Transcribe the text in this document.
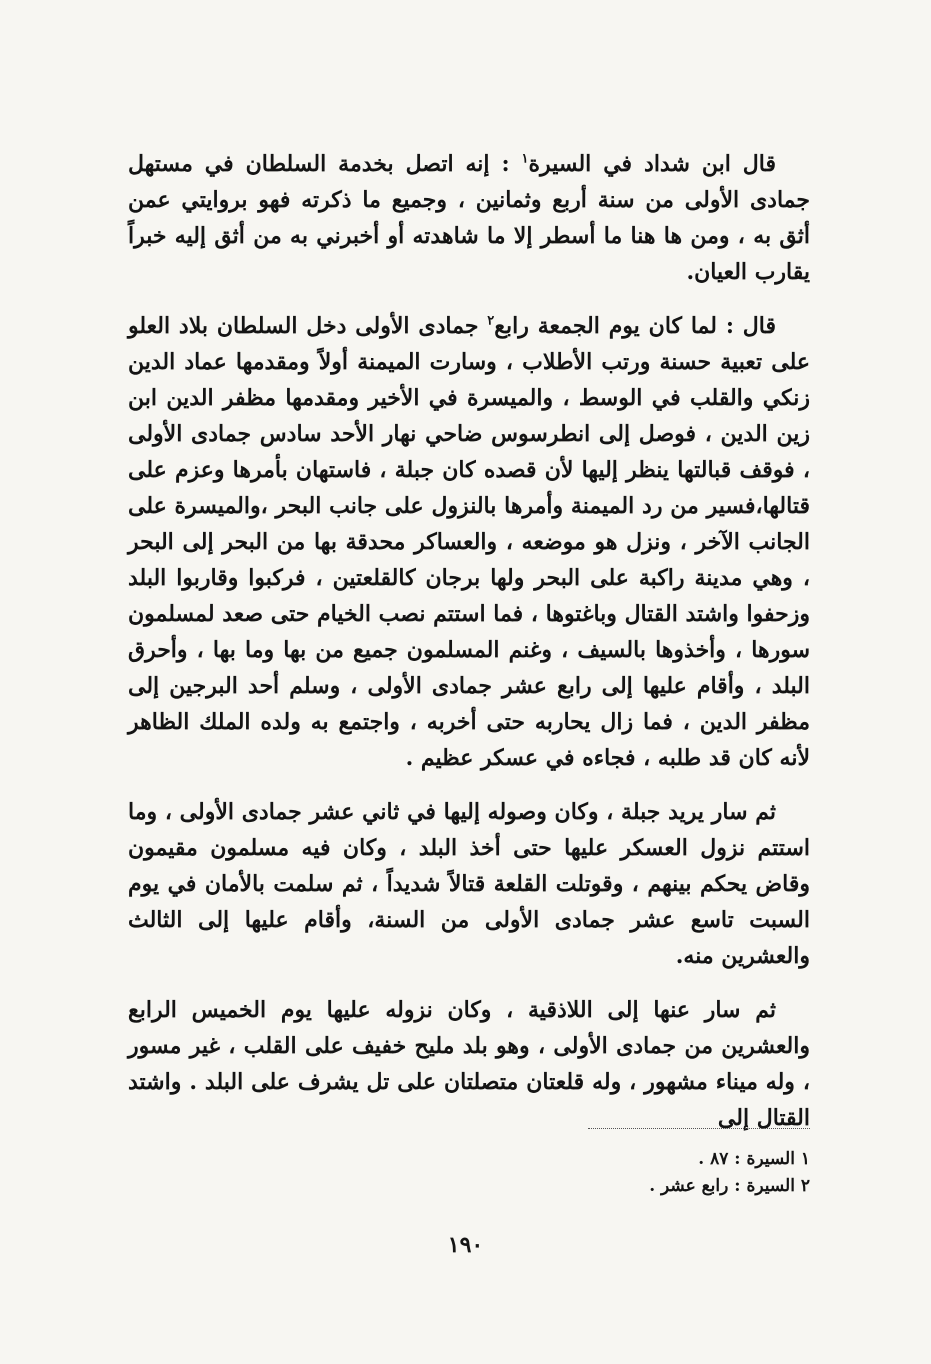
قال ابن شداد في السيرة$^١$ : إنه اتصل بخدمة السلطان في مستهل جمادى الأولى من سنة أربع وثمانين ، وجميع ما ذكرته فهو بروايتي عمن أثق به ، ومن ها هنا ما أسطر إلا ما شاهدته أو أخبرني به من أثق إليه خبراً يقارب العيان.

قال : لما كان يوم الجمعة رابع$^٢$ جمادى الأولى دخل السلطان بلاد العلو على تعبية حسنة ورتب الأطلاب ، وسارت الميمنة أولاً ومقدمها عماد الدين زنكي والقلب في الوسط ، والميسرة في الأخير ومقدمها مظفر الدين ابن زين الدين ، فوصل إلى انطرسوس ضاحي نهار الأحد سادس جمادى الأولى ، فوقف قبالتها ينظر إليها لأن قصده كان جبلة ، فاستهان بأمرها وعزم على قتالها،فسير من رد الميمنة وأمرها بالنزول على جانب البحر ،والميسرة على الجانب الآخر ، ونزل هو موضعه ، والعساكر محدقة بها من البحر إلى البحر ، وهي مدينة راكبة على البحر ولها برجان كالقلعتين ، فركبوا وقاربوا البلد وزحفوا واشتد القتال وباغتوها ، فما استتم نصب الخيام حتى صعد لمسلمون سورها ، وأخذوها بالسيف ، وغنم المسلمون جميع من بها وما بها ، وأحرق البلد ، وأقام عليها إلى رابع عشر جمادى الأولى ، وسلم أحد البرجين إلى مظفر الدين ، فما زال يحاربه حتى أخربه ، واجتمع به ولده الملك الظاهر لأنه كان قد طلبه ، فجاءه في عسكر عظيم .

ثم سار يريد جبلة ، وكان وصوله إليها في ثاني عشر جمادى الأولى ، وما استتم نزول العسكر عليها حتى أخذ البلد ، وكان فيه مسلمون مقيمون وقاض يحكم بينهم ، وقوتلت القلعة قتالاً شديداً ، ثم سلمت بالأمان في يوم السبت تاسع عشر جمادى الأولى من السنة، وأقام عليها إلى الثالث والعشرين منه.

ثم سار عنها إلى اللاذقية ، وكان نزوله عليها يوم الخميس الرابع والعشرين من جمادى الأولى ، وهو بلد مليح خفيف على القلب ، غير مسور ، وله ميناء مشهور ، وله قلعتان متصلتان على تل يشرف على البلد . واشتد القتال إلى

١ السيرة : ٨٧ .
٢ السيرة : رابع عشر .
١٩٠
